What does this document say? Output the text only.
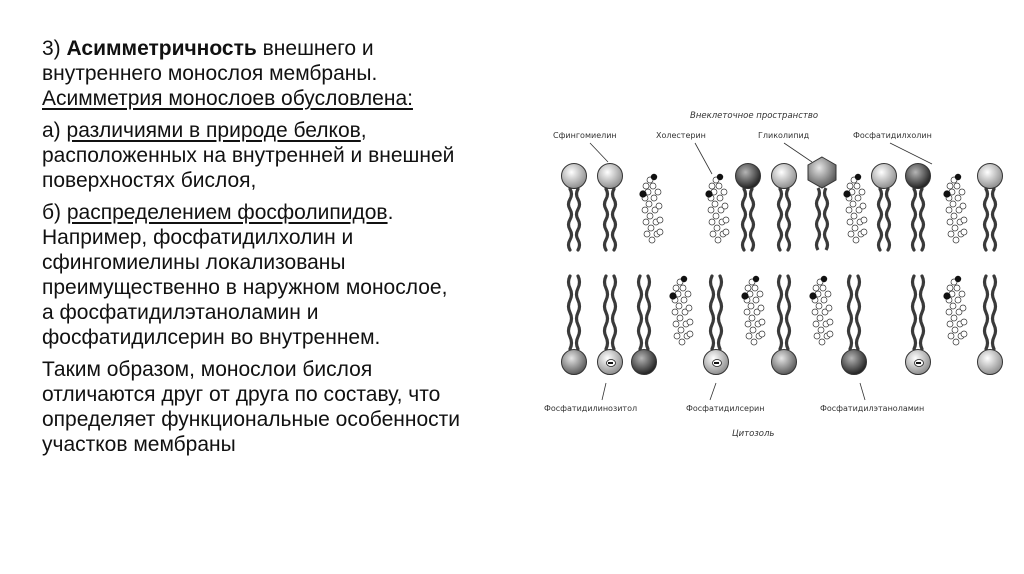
3) Асимметричность внешнего и
внутреннего монослоя мембраны.
Асимметрия монослоев обусловлена:

а) различиями в природе белков,
расположенных на внутренней и внешней
поверхностях бислоя,

б) распределением фосфолипидов.
Например, фосфатидилхолин и
сфингомиелины локализованы
преимущественно в наружном монослое,
а фосфатидилэтаноламин и
фосфатидилсерин во внутреннем.

Таким образом, монослои бислоя
отличаются друг от друга по составу, что
определяет функциональные особенности
участков мембраны

Внеклеточное пространство
Сфингомиелин	Холестерин	Гликолипид	Фосфатидилхолин
Фосфатидилинозитол	Фосфатидилсерин	Фосфатидилэтаноламин
Цитозоль
